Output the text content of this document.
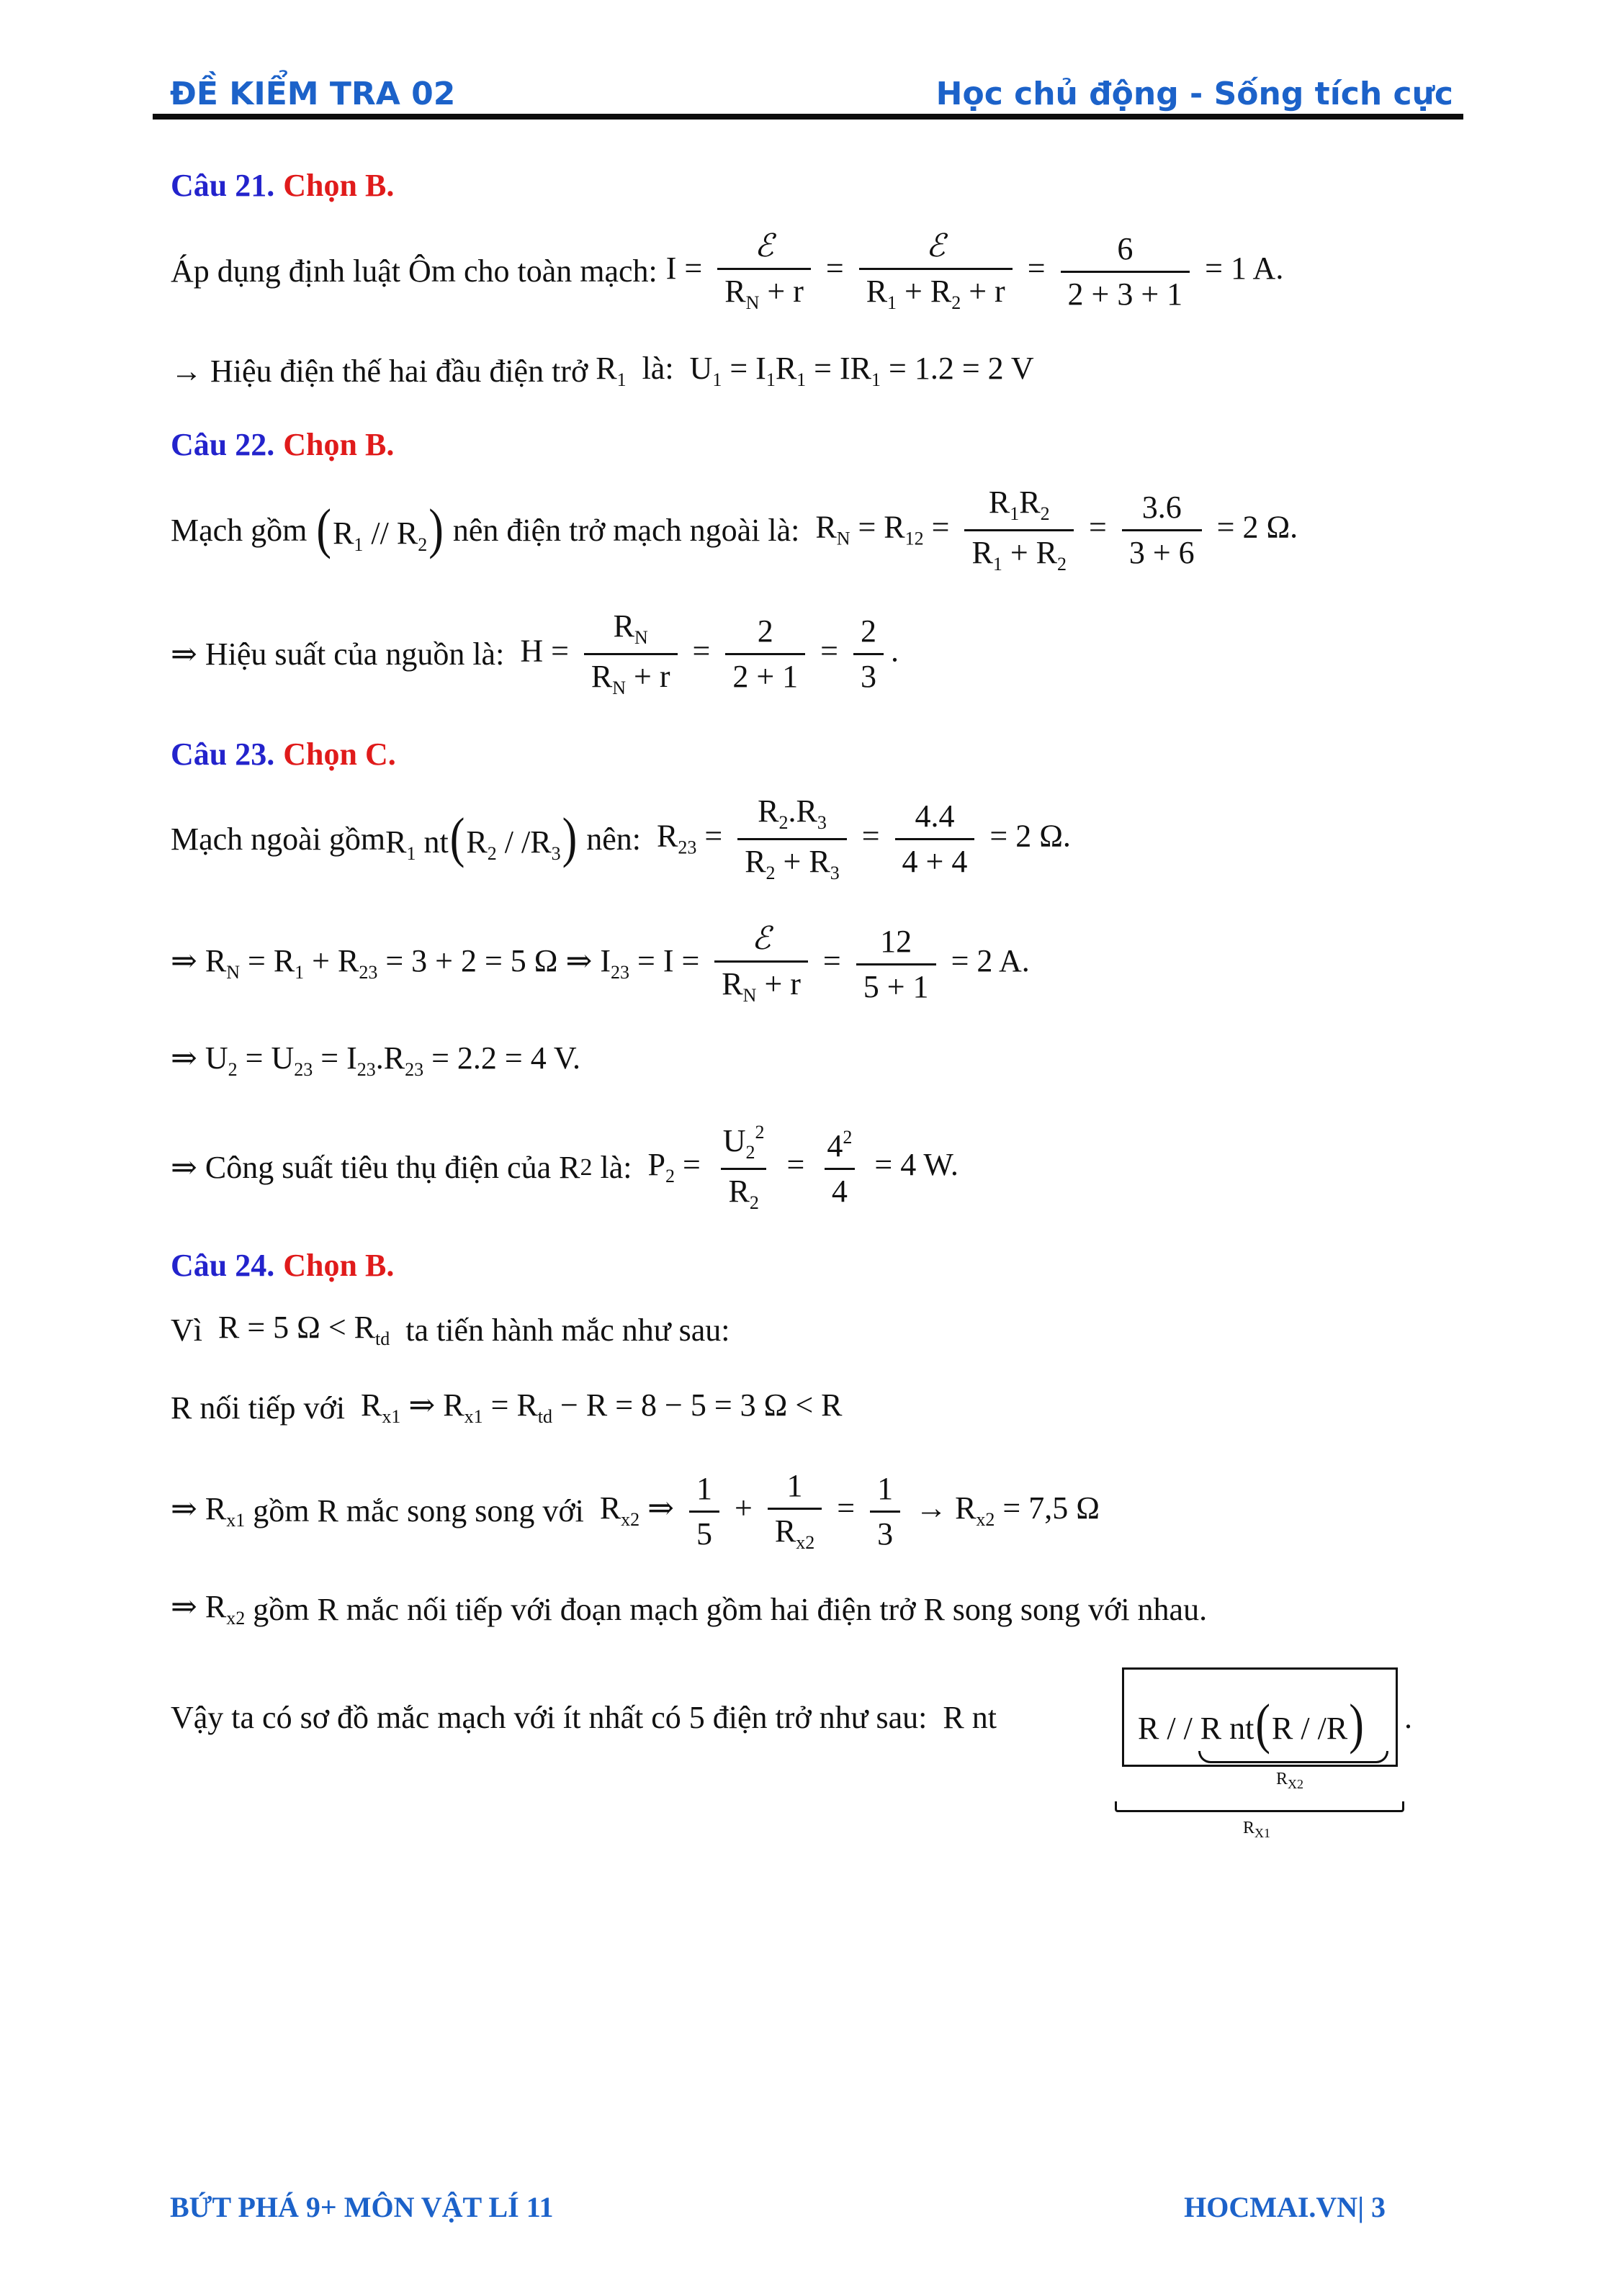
ĐỀ KIỂM TRA 02	Học chủ động - Sống tích cực
Câu 21. Chọn B.
Áp dụng định luật Ôm cho toàn mạch: $I = \frac{\text{ℰ}}{R_N + r} = \frac{\text{ℰ}}{R_1 + R_2 + r} = \frac{6}{2 + 3 + 1} = 1$ A.
→ Hiệu điện thế hai đầu điện trở $R_1$  là:  $U_1 = I_1R_1 = IR_1 = 1.2 = 2$ V
Câu 22. Chọn B.
Mạch gồm $(R_1 // R_2)$ nên điện trở mạch ngoài là: $R_N = R_{12} = \frac{R_1R_2}{R_1 + R_2} = \frac{3.6}{3 + 6} = 2$ Ω.
⇒ Hiệu suất của nguồn là: $H = \frac{R_N}{R_N + r} = \frac{2}{2 + 1} = \frac{2}{3}$ .
Câu 23. Chọn C.
Mạch ngoài gồm $R_1$ $nt(R_2 / /R_3)$ nên: $R_{23} = \frac{R_2.R_3}{R_2 + R_3} = \frac{4.4}{4 + 4} = 2$ Ω.
⇒ $R_N = R_1 + R_{23} = 3 + 2 = 5$ Ω ⇒ $I_{23} = I = \frac{\text{ℰ}}{R_N + r} = \frac{12}{5 + 1} = 2$ A.
⇒ $U_2 = U_{23} = I_{23}.R_{23} = 2.2 = 4$ V.
⇒ Công suất tiêu thụ điện của R 2
là: $P_2 = \frac{U_2^2}{R_2} = \frac{4^2}{4} = 4$ W.
Câu 24. Chọn B.
Vì R = 5 $\Omega < R_{td}$ ta tiến hành mắc như sau:
R nối tiếp với $R_{x1}$ ⇒ $R_{x1} = R_{td} - R = 8 - 5 = 3$ Ω < R
⇒ $R_{x1}$ gồm R mắc song song với $R_{x2}$ ⇒ $\frac{1}{5} + \frac{1}{R_{x2}} = \frac{1}{3} \to R_{x2} = 7,5$ Ω
⇒ $R_{x2}$ gồm R mắc nối tiếp với đoạn mạch gồm hai điện trở R song song với nhau.
Vậy ta có sơ đồ mắc mạch với ít nhất có 5 điện trở như sau: R nt	R / / R nt(R / /R) .
$R_{X2}$
$R_{X1}$
BỨT PHÁ 9+ MÔN VẬT LÍ 11	HOCMAI.VN| 3
